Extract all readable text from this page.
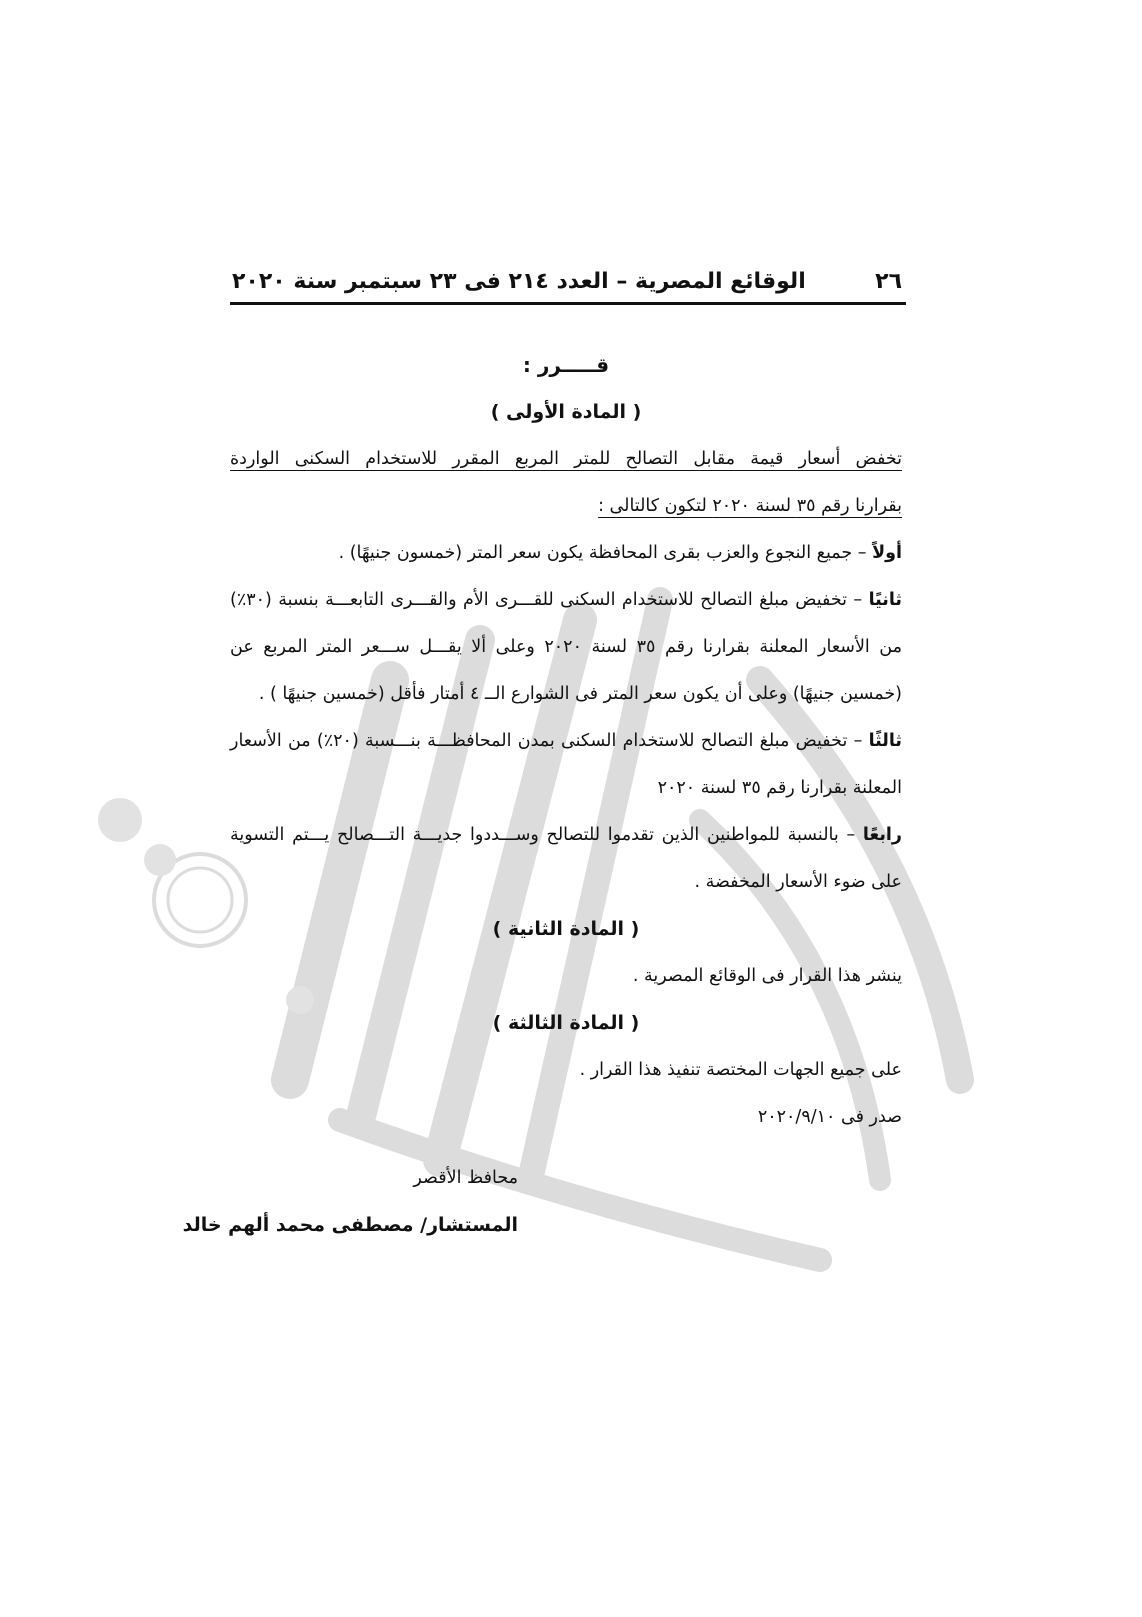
٢٦
الوقائع المصرية – العدد ٢١٤ فى ٢٣ سبتمبر سنة ٢٠٢٠
قـــــرر :
( المادة الأولى )
تخفض أسعار قيمة مقابل التصالح للمتر المربع المقرر للاستخدام السكنى الواردة
بقرارنا رقم ٣٥ لسنة ٢٠٢٠ لتكون كالتالى :
أولاً – جميع النجوع والعزب بقرى المحافظة يكون سعر المتر (خمسون جنيهًا) .
ثانيًا – تخفيض مبلغ التصالح للاستخدام السكنى للقـــرى الأم والقـــرى التابعـــة بنسبة (٣٠٪) من الأسعار المعلنة بقرارنا رقم ٣٥ لسنة ٢٠٢٠ وعلى ألا يقـــل ســـعر المتر المربع عن (خمسين جنيهًا) وعلى أن يكون سعر المتر فى الشوارع الــ ٤ أمتار فأقل (خمسين جنيهًا ) .
ثالثًا – تخفيض مبلغ التصالح للاستخدام السكنى بمدن المحافظـــة بنـــسبة (٢٠٪) من الأسعار المعلنة بقرارنا رقم ٣٥ لسنة ٢٠٢٠
رابعًا – بالنسبة للمواطنين الذين تقدموا للتصالح وســـددوا جديـــة التـــصالح يـــتم التسوية على ضوء الأسعار المخفضة .
( المادة الثانية )
ينشر هذا القرار فى الوقائع المصرية .
( المادة الثالثة )
على جميع الجهات المختصة تنفيذ هذا القرار .
صدر فى ٢٠٢٠/٩/١٠
محافظ الأقصر
المستشار/ مصطفى محمد ألهم خالد
